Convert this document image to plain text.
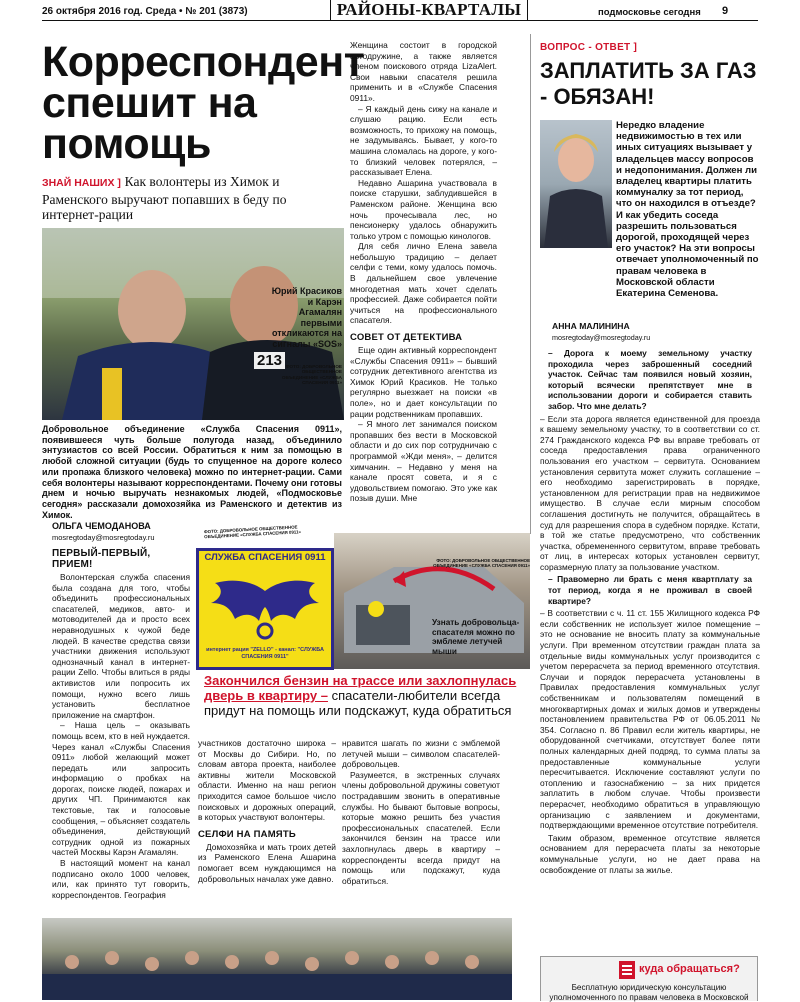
26 октября 2016 год. Среда • № 201 (3873)	РАЙОНЫ-КВАРТАЛЫ	подмосковье сегодня 9
Корреспондент спешит на помощь
ЗНАЙ НАШИХ ] Как волонтеры из Химок и Раменского выручают попавших в беду по интернет-рации
213
Юрий Красиков и Карэн Агамалян первыми откликаются на сигналы «SOS»
ФОТО: ДОБРОВОЛЬНОЕ ОБЩЕСТВЕННОЕ ОБЪЕДИНЕНИЕ «СЛУЖБА СПАСЕНИЯ 0911»
Добровольное объединение «Служба Спасения 0911», появившееся чуть больше полугода назад, объединило энтузиастов со всей России. Обратиться к ним за помощью в любой сложной ситуации (будь то спущенное на дороге колесо или пропажа близкого человека) можно по интернет-рации. Сами себя волонтеры называют корреспондентами. Почему они готовы днем и ночью выручать незнакомых людей, «Подмосковье сегодня» рассказали домохозяйка из Раменского и детектив из Химок.
ОЛЬГА ЧЕМОДАНОВА
mosregtoday@mosregtoday.ru
ПЕРВЫЙ-ПЕРВЫЙ, ПРИЕМ!

Волонтерская служба спасения была создана для того, чтобы объединить профессиональных спасателей, медиков, авто- и мотоводителей да и просто всех неравнодушных к чужой беде людей. В качестве средства связи участники движения используют однозначный канал в интернет-рации Zello. Чтобы влиться в ряды активистов или попросить их помощи, нужно всего лишь установить бесплатное приложение на смартфон.

– Наша цель – оказывать помощь всем, кто в ней нуждается. Через канал «Службы Спасения 0911» любой желающий может передать или запросить информацию о пробках на дорогах, поиске людей, пожарах и других ЧП. Принимаются как текстовые, так и голосовые сообщения, – объясняет создатель объединения, действующий сотрудник одной из пожарных частей Москвы Карэн Агамалян.

В настоящий момент на канал подписано около 1000 человек, или, как принято тут говорить, корреспондентов. География

Женщина состоит в городской автодружине, а также является членом поискового отряда LizaAlert. Свои навыки спасателя решила применить и в «Службе Спасения 0911».

– Я каждый день сижу на канале и слушаю рацию. Если есть возможность, то прихожу на помощь, не задумываясь. Бывает, у кого-то машина сломалась на дороге, у кого-то близкий человек потерялся, – рассказывает Елена.

Недавно Ашарина участвовала в поиске старушки, заблудившейся в Раменском районе. Женщина всю ночь прочесывала лес, но пенсионерку удалось обнаружить только утром с помощью кинологов.

Для себя лично Елена завела небольшую традицию – делает селфи с теми, кому удалось помочь. В дальнейшем свое увлечение многодетная мать хочет сделать профессией. Даже собирается пойти учиться на профессионального спасателя.

СОВЕТ ОТ ДЕТЕКТИВА

Еще один активный корреспондент «Службы Спасения 0911» – бывший сотрудник детективного агентства из Химок Юрий Красиков. Не только регулярно выезжает на поиски «в поле», но и дает консультации по рации родственникам пропавших.

– Я много лет занимался поиском пропавших без вести в Московской области и до сих пор сотрудничаю с программой «Жди меня», – делится химчанин. – Недавно у меня на канале просят совета, и я с удовольствием помогаю. Это уже как позыв души. Мне

СЛУЖБА СПАСЕНИЯ 0911
интернет рация "ZELLO" - канал: "СЛУЖБА СПАСЕНИЯ 0911"
ФОТО: ДОБРОВОЛЬНОЕ ОБЩЕСТВЕННОЕ ОБЪЕДИНЕНИЕ «СЛУЖБА СПАСЕНИЯ 0911»
Узнать добровольца-спасателя можно по эмблеме летучей мыши
ФОТО: ДОБРОВОЛЬНОЕ ОБЩЕСТВЕННОЕ ОБЪЕДИНЕНИЕ «СЛУЖБА СПАСЕНИЯ 0911»
Закончился бензин на трассе или захлопнулась дверь в квартиру – спасатели-любители всегда придут на помощь или подскажут, куда обратиться

участников достаточно широка – от Москвы до Сибири. Но, по словам автора проекта, наиболее активны жители Московской области. Именно на наш регион приходится самое большое число поисковых и дорожных операций, в которых участвуют волонтеры.

СЕЛФИ НА ПАМЯТЬ

Домохозяйка и мать троих детей из Раменского Елена Ашарина помогает всем нуждающимся на добровольных началах уже давно.

нравится шагать по жизни с эмблемой летучей мыши – символом спасателей-добровольцев.

Разумеется, в экстренных случаях члены добровольной дружины советуют пострадавшим звонить в оперативные службы. Но бывают бытовые вопросы, которые можно решить без участия профессиональных спасателей. Если закончился бензин на трассе или захлопнулась дверь в квартиру – корреспонденты всегда придут на помощь или подскажут, куда обратиться.

ВОПРОС - ОТВЕТ ]
ЗАПЛАТИТЬ ЗА ГАЗ - ОБЯЗАН!
Нередко владение недвижимостью в тех или иных ситуациях вызывает у владельцев массу вопросов и недопонимания. Должен ли владелец квартиры платить коммуналку за тот период, что он находился в отъезде? И как убедить соседа разрешить пользоваться дорогой, проходящей через его участок? На эти вопросы отвечает уполномоченный по правам человека в Московской области Екатерина Семенова.
АННА МАЛИНИНА
mosregtoday@mosregtoday.ru
– Дорога к моему земельному участку проходила через заброшенный соседний участок. Сейчас там появился новый хозяин, который всячески препятствует мне в использовании дороги и собирается ставить забор. Что мне делать?
– Если эта дорога является единственной для проезда к вашему земельному участку, то в соответствии со ст. 274 Гражданского кодекса РФ вы вправе требовать от соседа предоставления права ограниченного пользования его участком – сервитута. Основанием установления сервитута может служить соглашение – его необходимо зарегистрировать в порядке, установленном для регистрации прав на недвижимое имущество. В случае если мирным способом соглашения достигнуть не получится, обращайтесь в суд для разрешения спора в судебном порядке. Кстати, в той же статье предусмотрено, что собственник участка, обремененного сервитутом, вправе требовать от лиц, в интересах которых установлен сервитут, соразмерную плату за пользование участком.
– Правомерно ли брать с меня квартплату за тот период, когда я не проживал в своей квартире?
– В соответствии с ч. 11 ст. 155 Жилищного кодекса РФ если собственник не использует жилое помещение – это не основание не вносить плату за коммунальные услуги. При временном отсутствии граждан плата за отдельные виды коммунальных услуг производится с учетом перерасчета за период временного отсутствия. Случаи и порядок перерасчета установлены в Правилах предоставления коммунальных услуг собственникам и пользователям помещений в многоквартирных домах и жилых домов и утверждены постановлением правительства РФ от 06.05.2011 № 354. Согласно п. 86 Правил если житель квартиры, не оборудованной счетчиками, отсутствует более пяти полных календарных дней подряд, то сумма платы за предоставленные коммунальные услуги пересчитывается. Исключение составляют услуги по отоплению и газоснабжению – за них придется заплатить в любом случае. Чтобы произвести перерасчет, необходимо обратиться в управляющую организацию с заявлением и документами, подтверждающими временное отсутствие потребителя.
Таким образом, временное отсутствие является основанием для перерасчета платы за некоторые коммунальные услуги, но не дает права на освобождение от платы за жилье.
куда обращаться?
Бесплатную юридическую консультацию уполномоченного по правам человека в Московской
